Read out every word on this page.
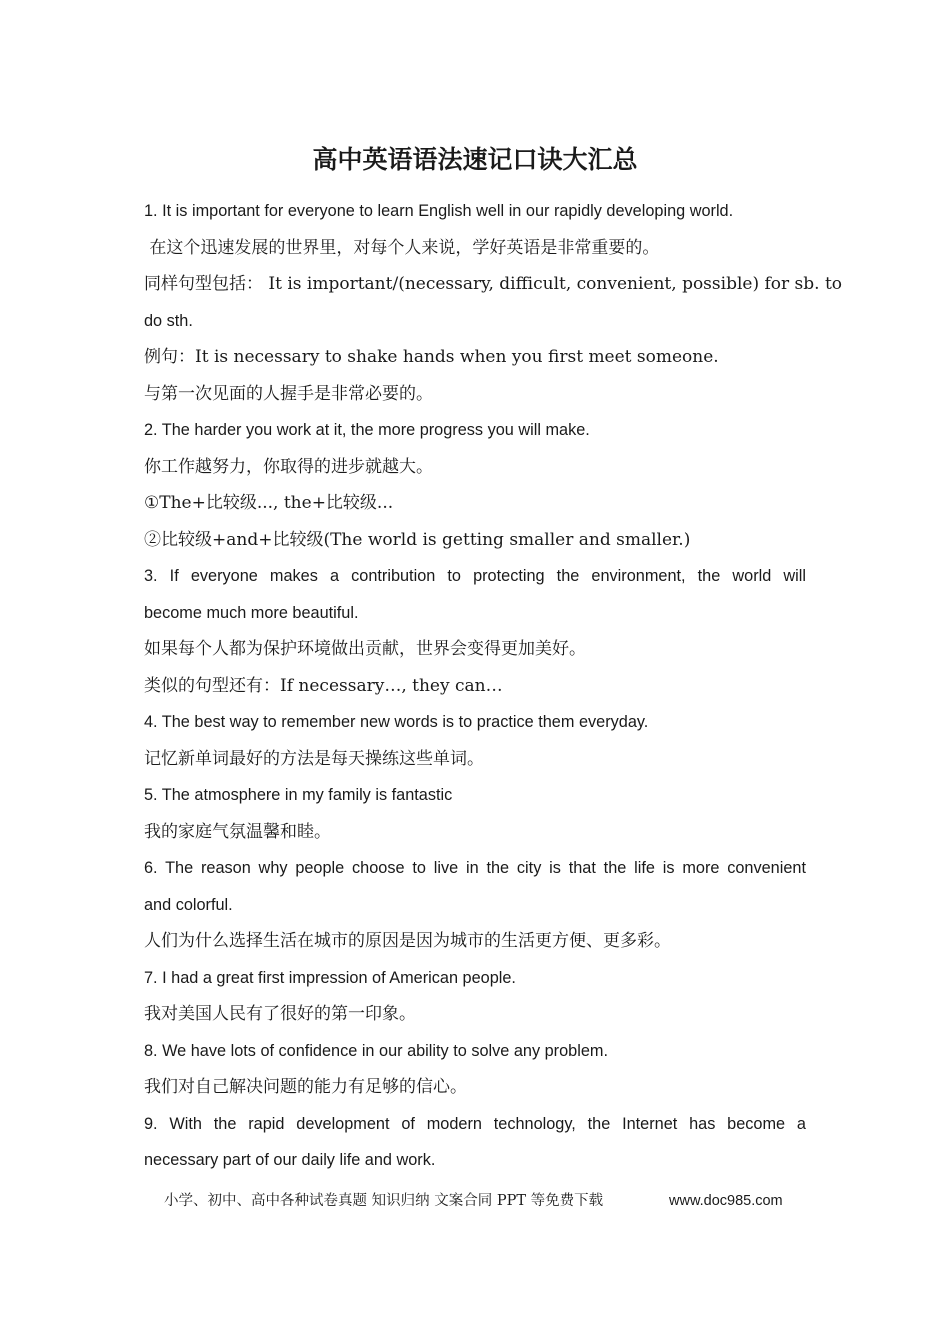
高中英语语法速记口诀大汇总

1. It is important for everyone to learn English well in our rapidly developing world.

在这个迅速发展的世界里，对每个人来说，学好英语是非常重要的。

同样句型包括： It is important/(necessary, difficult, convenient, possible) for sb. to

do sth.

例句：It is necessary to shake hands when you first meet someone.

与第一次见面的人握手是非常必要的。

2. The harder you work at it, the more progress you will make.

你工作越努力，你取得的进步就越大。

①The+比较级..., the+比较级...

②比较级+and+比较级(The world is getting smaller and smaller.)

3. If everyone makes a contribution to protecting the environment, the world will

become much more beautiful.

如果每个人都为保护环境做出贡献，世界会变得更加美好。

类似的句型还有：If necessary…, they can…

4. The best way to remember new words is to practice them everyday.

记忆新单词最好的方法是每天操练这些单词。

5. The atmosphere in my family is fantastic

我的家庭气氛温馨和睦。

6. The reason why people choose to live in the city is that the life is more convenient

and colorful.

人们为什么选择生活在城市的原因是因为城市的生活更方便、更多彩。

7. I had a great first impression of American people.

我对美国人民有了很好的第一印象。

8. We have lots of confidence in our ability to solve any problem.

我们对自己解决问题的能力有足够的信心。

9. With the rapid development of modern technology, the Internet has become a

necessary part of our daily life and work.

小学、初中、高中各种试卷真题 知识归纳 文案合同 PPT 等免费下载	www.doc985.com
